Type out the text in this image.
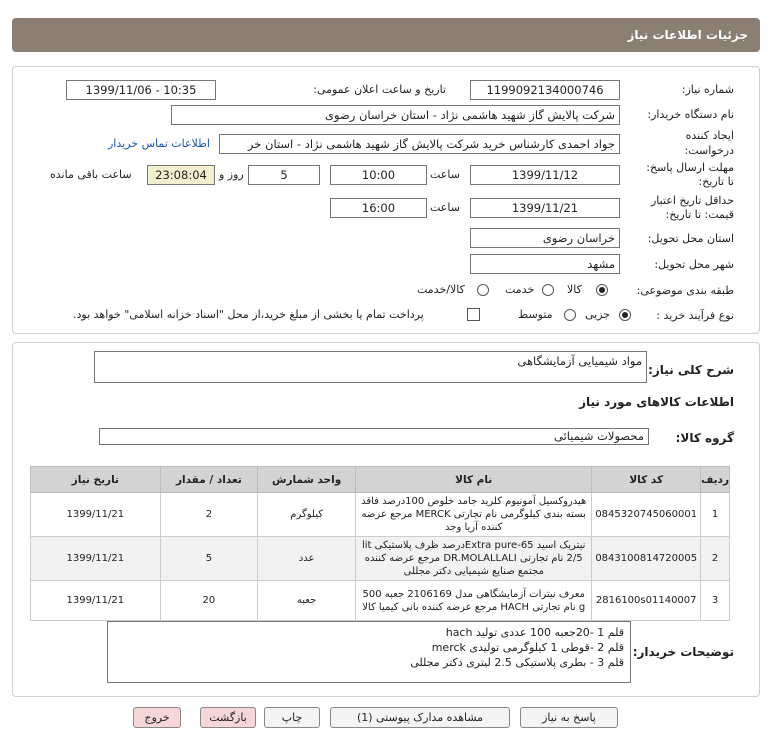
جزئیات اطلاعات نیاز
شماره نیاز:
1199092134000746
تاریخ و ساعت اعلان عمومی:
1399/11/06 - 10:35
نام دستگاه خریدار:
شرکت پالایش گاز شهید هاشمی نژاد - استان خراسان رضوی
ایجاد کننده درخواست:
جواد احمدی کارشناس خرید شرکت پالایش گاز شهید هاشمی نژاد - استان خر
اطلاعات تماس خریدار
مهلت ارسال پاسخ: تا تاریخ:
1399/11/12
ساعت
10:00
5
روز و
23:08:04
ساعت باقی مانده
حداقل تاریخ اعتبار قیمت: تا تاریخ:
1399/11/21
ساعت
16:00
استان محل تحویل:
خراسان رضوی
شهر محل تحویل:
مشهد
طبقه بندی موضوعی:
کالا
خدمت
کالا/خدمت
نوع فرآیند خرید :
جزیی
متوسط
پرداخت تمام یا بخشی از مبلغ خرید،از محل "اسناد خزانه اسلامی" خواهد بود.
شرح کلی نیاز:
مواد شیمیایی آزمایشگاهی
اطلاعات کالاهای مورد نیاز
گروه کالا:
محصولات شیمیائی
ردیف	کد کالا	نام کالا	واحد شمارش	تعداد / مقدار	تاریخ نیاز
1	0845320745060001	هیدروکسیل آمونیوم کلرید جامد خلوص 100درصد فاقد بسته بندی کیلوگرمی نام تجارتی MERCK مرجع عرضه کننده آریا وجد	کیلوگرم	2	1399/11/21
2	0843100814720005	نیتریک اسید Extra pure-65درصد ظرف پلاستیکی lit 2/5 نام تجارتی DR.MOLALLALI مرجع عرضه کننده مجتمع صنایع شیمیایی دکتر مجللی	عدد	5	1399/11/21
3	2816100s01140007	معرف نیترات آزمایشگاهی مدل 2106169 جعبه 500 g نام تجارتی HACH مرجع عرضه کننده بانی کیمیا کالا	جعبه	20	1399/11/21
توضیحات خریدار:
قلم 1 -20جعبه 100 عددی تولید hach
قلم 2 -قوطی 1 کیلوگرمی تولیدی merck
قلم 3 - بطری پلاستیکی 2.5 لیتری دکتر مجللی
پاسخ به نیاز
مشاهده مدارک پیوستی (1)
چاپ
بازگشت
خروج
